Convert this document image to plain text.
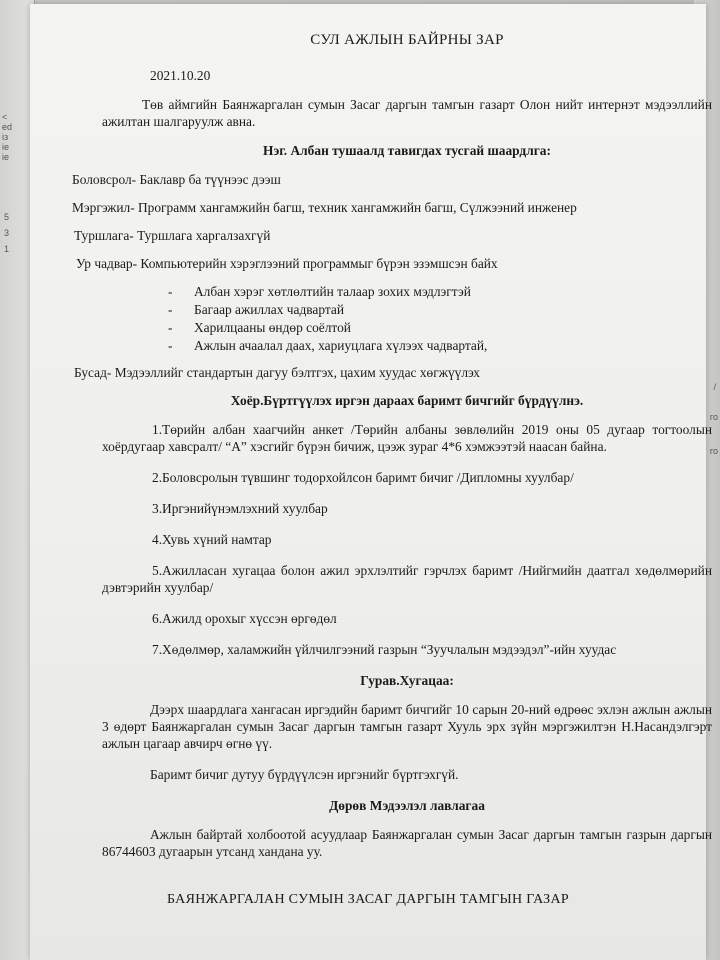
<
ed
iз
ie
ie
5
3
1
/
го
го

СУЛ АЖЛЫН БАЙРНЫ ЗАР

2021.10.20

Төв аймгийн Баянжаргалан сумын Засаг даргын тамгын газарт Олон нийт интернэт мэдээллийн ажилтан шалгаруулж авна.

Нэг. Албан тушаалд тавигдах тусгай шаардлга:

Боловсрол- Баклавр ба түүнээс дээш

Мэргэжил- Программ хангамжийн багш, техник хангамжийн багш, Сүлжээний инженер

Туршлага- Туршлага харгалзахгүй

Ур чадвар- Компьютерийн хэрэглээний программыг бүрэн эзэмшсэн байх

- Албан хэрэг хөтлөлтийн талаар зохих мэдлэгтэй
- Багаар ажиллах чадвартай
- Харилцааны өндөр соёлтой
- Ажлын ачаалал даах, хариуцлага хүлээх чадвартай,

Бусад- Мэдээллийг стандартын дагуу бэлтгэх, цахим хуудас хөгжүүлэх

Хоёр.Бүртгүүлэх иргэн дараах баримт бичгийг бүрдүүлнэ.

1.Төрийн албан хаагчийн анкет /Төрийн албаны зөвлөлийн 2019 оны 05 дугаар тогтоолын хоёрдугаар хавсралт/ “А” хэсгийг бүрэн бичиж, цээж зураг 4*6 хэмжээтэй наасан байна.

2.Боловсролын түвшинг тодорхойлсон баримт бичиг /Дипломны хуулбар/

3.Иргэнийүнэмлэхний хуулбар

4.Хувь хүний намтар

5.Ажилласан хугацаа болон ажил эрхлэлтийг гэрчлэх баримт /Нийгмийн даатгал хөдөлмөрийн дэвтэрийн хуулбар/

6.Ажилд орохыг хүссэн өргөдөл

7.Хөдөлмөр, халамжийн үйлчилгээний газрын “Зуучлалын мэдээдэл”-ийн хуудас

Гурав.Хугацаа:

Дээрх шаардлага хангасан иргэдийн баримт бичгийг 10 сарын 20-ний өдрөөс эхлэн ажлын ажлын 3 өдөрт Баянжаргалан сумын Засаг даргын тамгын газарт Хууль эрх зүйн мэргэжилтэн Н.Насандэлгэрт ажлын цагаар авчирч өгнө үү.

Баримт бичиг дутуу бүрдүүлсэн иргэнийг бүртгэхгүй.

Дөрөв Мэдээлэл лавлагаа

Ажлын байртай холбоотой асуудлаар Баянжаргалан сумын Засаг даргын тамгын газрын даргын 86744603 дугаарын утсанд хандана уу.

БАЯНЖАРГАЛАН СУМЫН ЗАСАГ ДАРГЫН ТАМГЫН ГАЗАР
